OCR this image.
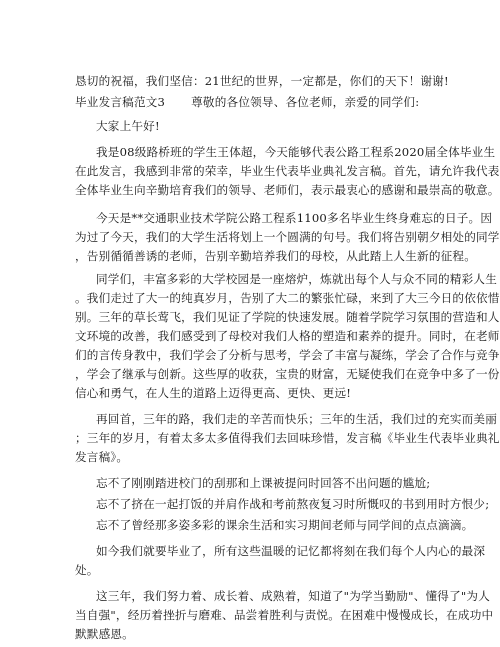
恳切的祝福，我们坚信：21世纪的世界，一定都是，你们的天下！谢谢!
毕业发言稿范文3 尊敬的各位领导、各位老师，亲爱的同学们:
大家上午好!
我是08级路桥班的学生王体超，今天能够代表公路工程系2020届全体毕业生
在此发言，我感到非常的荣幸，毕业生代表毕业典礼发言稿。首先，请允许我代表
全体毕业生向辛勤培育我们的领导、老师们，表示最衷心的感谢和最崇高的敬意。
今天是**交通职业技术学院公路工程系1100多名毕业生终身难忘的日子。因
为过了今天，我们的大学生活将划上一个圆满的句号。我们将告别朝夕相处的同学
，告别循循善诱的老师，告别辛勤培养我们的母校，从此踏上人生新的征程。
同学们，丰富多彩的大学校园是一座熔炉，炼就出每个人与众不同的精彩人生
。我们走过了大一的纯真岁月，告别了大二的繁张忙碌，来到了大三今日的依依惜
别。三年的草长莺飞，我们见证了学院的快速发展。随着学院学习氛围的营造和人
文环境的改善，我们感受到了母校对我们人格的塑造和素养的提升。同时，在老师
们的言传身教中，我们学会了分析与思考，学会了丰富与凝练，学会了合作与竞争
，学会了继承与创新。这些厚的收获，宝贵的财富，无疑使我们在竞争中多了一份
信心和勇气，在人生的道路上迈得更高、更快、更远!
再回首，三年的路，我们走的辛苦而快乐；三年的生活，我们过的充实而美丽
；三年的岁月，有着太多太多值得我们去回味珍惜，发言稿《毕业生代表毕业典礼
发言稿》。
忘不了刚刚踏进校门的刮那和上课被提问时回答不出问题的尴尬;
忘不了挤在一起打饭的并肩作战和考前熬夜复习时所慨叹的书到用时方恨少;
忘不了曾经那多姿多彩的课余生活和实习期间老师与同学间的点点滴滴。
如今我们就要毕业了，所有这些温暖的记忆都将刻在我们每个人内心的最深
处。
这三年，我们努力着、成长着、成熟着，知道了"为学当勤励"、懂得了"为人
当自强"，经历着挫折与磨难、品尝着胜利与责悦。在困难中慢慢成长，在成功中
默默感恩。
